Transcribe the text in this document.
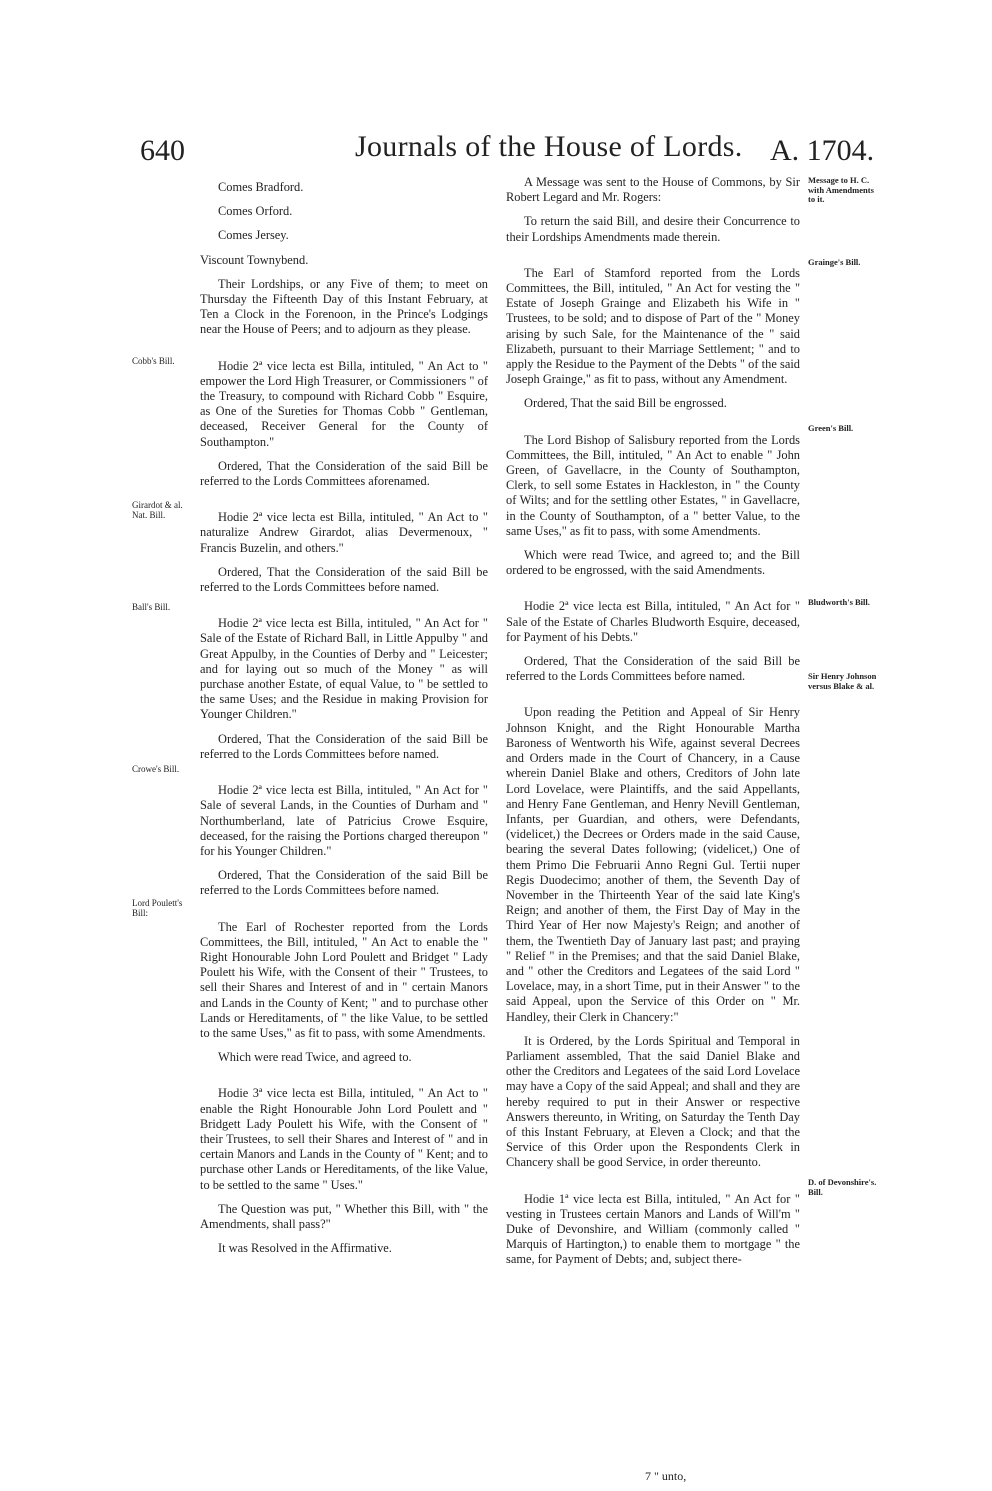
640	Journals of the House of Lords. A. 1704.
Cobb's Bill.
Girardot & al. Nat. Bill.
Ball's Bill.
Crowe's Bill.
Lord Poulett's Bill:
Message to H. C. with Amendments to it.
Grainge's Bill.
Green's Bill.
Bludworth's Bill.
Sir Henry Johnson versus Blake & al.
D. of Devonshire's. Bill.

Comes Bradford.

Comes Orford.

Comes Jersey.

Viscount Townybend.

Their Lordships, or any Five of them; to meet on Thursday the Fifteenth Day of this Instant February, at Ten a Clock in the Forenoon, in the Prince's Lodgings near the House of Peers; and to adjourn as they please.

Hodie 2ª vice lecta est Billa, intituled, " An Act to " empower the Lord High Treasurer, or Commissioners " of the Treasury, to compound with Richard Cobb " Esquire, as One of the Sureties for Thomas Cobb " Gentleman, deceased, Receiver General for the County of Southampton."

Ordered, That the Consideration of the said Bill be referred to the Lords Committees aforenamed.

Hodie 2ª vice lecta est Billa, intituled, " An Act to " naturalize Andrew Girardot, alias Devermenoux, " Francis Buzelin, and others."

Ordered, That the Consideration of the said Bill be referred to the Lords Committees before named.

Hodie 2ª vice lecta est Billa, intituled, " An Act for " Sale of the Estate of Richard Ball, in Little Appulby " and Great Appulby, in the Counties of Derby and " Leicester; and for laying out so much of the Money " as will purchase another Estate, of equal Value, to " be settled to the same Uses; and the Residue in making Provision for Younger Children."

Ordered, That the Consideration of the said Bill be referred to the Lords Committees before named.

Hodie 2ª vice lecta est Billa, intituled, " An Act for " Sale of several Lands, in the Counties of Durham and " Northumberland, late of Patricius Crowe Esquire, deceased, for the raising the Portions charged thereupon " for his Younger Children."

Ordered, That the Consideration of the said Bill be referred to the Lords Committees before named.

The Earl of Rochester reported from the Lords Committees, the Bill, intituled, " An Act to enable the " Right Honourable John Lord Poulett and Bridget " Lady Poulett his Wife, with the Consent of their " Trustees, to sell their Shares and Interest of and in " certain Manors and Lands in the County of Kent; " and to purchase other Lands or Hereditaments, of " the like Value, to be settled to the same Uses," as fit to pass, with some Amendments.

Which were read Twice, and agreed to.

Hodie 3ª vice lecta est Billa, intituled, " An Act to " enable the Right Honourable John Lord Poulett and " Bridgett Lady Poulett his Wife, with the Consent of " their Trustees, to sell their Shares and Interest of " and in certain Manors and Lands in the County of " Kent; and to purchase other Lands or Hereditaments, of the like Value, to be settled to the same " Uses."

The Question was put, " Whether this Bill, with " the Amendments, shall pass?"

It was Resolved in the Affirmative.

A Message was sent to the House of Commons, by Sir Robert Legard and Mr. Rogers:

To return the said Bill, and desire their Concurrence to their Lordships Amendments made therein.

The Earl of Stamford reported from the Lords Committees, the Bill, intituled, " An Act for vesting the " Estate of Joseph Grainge and Elizabeth his Wife in " Trustees, to be sold; and to dispose of Part of the " Money arising by such Sale, for the Maintenance of the " said Elizabeth, pursuant to their Marriage Settlement; " and to apply the Residue to the Payment of the Debts " of the said Joseph Grainge," as fit to pass, without any Amendment.

Ordered, That the said Bill be engrossed.

The Lord Bishop of Salisbury reported from the Lords Committees, the Bill, intituled, " An Act to enable " John Green, of Gavellacre, in the County of Southampton, Clerk, to sell some Estates in Hackleston, in " the County of Wilts; and for the settling other Estates, " in Gavellacre, in the County of Southampton, of a " better Value, to the same Uses," as fit to pass, with some Amendments.

Which were read Twice, and agreed to; and the Bill ordered to be engrossed, with the said Amendments.

Hodie 2ª vice lecta est Billa, intituled, " An Act for " Sale of the Estate of Charles Bludworth Esquire, deceased, for Payment of his Debts."

Ordered, That the Consideration of the said Bill be referred to the Lords Committees before named.

Upon reading the Petition and Appeal of Sir Henry Johnson Knight, and the Right Honourable Martha Baroness of Wentworth his Wife, against several Decrees and Orders made in the Court of Chancery, in a Cause wherein Daniel Blake and others, Creditors of John late Lord Lovelace, were Plaintiffs, and the said Appellants, and Henry Fane Gentleman, and Henry Nevill Gentleman, Infants, per Guardian, and others, were Defendants, (videlicet,) the Decrees or Orders made in the said Cause, bearing the several Dates following; (videlicet,) One of them Primo Die Februarii Anno Regni Gul. Tertii nuper Regis Duodecimo; another of them, the Seventh Day of November in the Thirteenth Year of the said late King's Reign; and another of them, the First Day of May in the Third Year of Her now Majesty's Reign; and another of them, the Twentieth Day of January last past; and praying " Relief " in the Premises; and that the said Daniel Blake, and " other the Creditors and Legatees of the said Lord " Lovelace, may, in a short Time, put in their Answer " to the said Appeal, upon the Service of this Order on " Mr. Handley, their Clerk in Chancery:"

It is Ordered, by the Lords Spiritual and Temporal in Parliament assembled, That the said Daniel Blake and other the Creditors and Legatees of the said Lord Lovelace may have a Copy of the said Appeal; and shall and they are hereby required to put in their Answer or respective Answers thereunto, in Writing, on Saturday the Tenth Day of this Instant February, at Eleven a Clock; and that the Service of this Order upon the Respondents Clerk in Chancery shall be good Service, in order thereunto.

Hodie 1ª vice lecta est Billa, intituled, " An Act for " vesting in Trustees certain Manors and Lands of Will'm " Duke of Devonshire, and William (commonly called " Marquis of Hartington,) to enable them to mortgage " the same, for Payment of Debts; and, subject there-

7 " unto,
